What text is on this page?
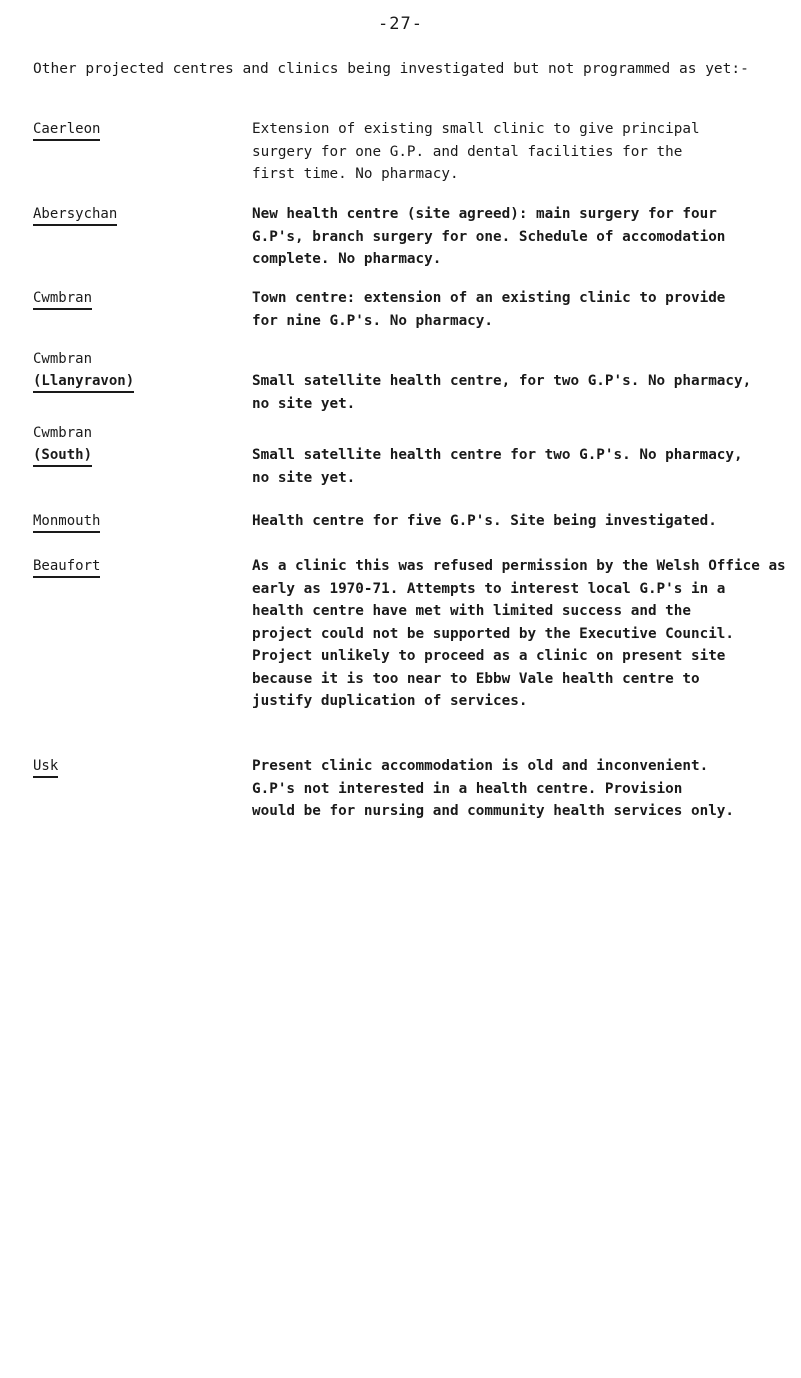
-27-
Other projected centres and clinics being investigated but not programmed as yet:-
Caerleon	Extension of existing small clinic to give principal
surgery for one G.P. and dental facilities for the
first time. No pharmacy.
Abersychan	New health centre (site agreed): main surgery for four
G.P's, branch surgery for one. Schedule of accomodation
complete. No pharmacy.
Cwmbran	Town centre: extension of an existing clinic to provide
for nine G.P's. No pharmacy.
Cwmbran
(Llanyravon)	Small satellite health centre, for two G.P's. No pharmacy,
no site yet.
Cwmbran
(South)	Small satellite health centre for two G.P's. No pharmacy,
no site yet.
Monmouth	Health centre for five G.P's. Site being investigated.
Beaufort	As a clinic this was refused permission by the Welsh Office as
early as 1970-71. Attempts to interest local G.P's in a
health centre have met with limited success and the
project could not be supported by the Executive Council.
Project unlikely to proceed as a clinic on present site
because it is too near to Ebbw Vale health centre to
justify duplication of services.
Usk	Present clinic accommodation is old and inconvenient.
G.P's not interested in a health centre. Provision
would be for nursing and community health services only.
